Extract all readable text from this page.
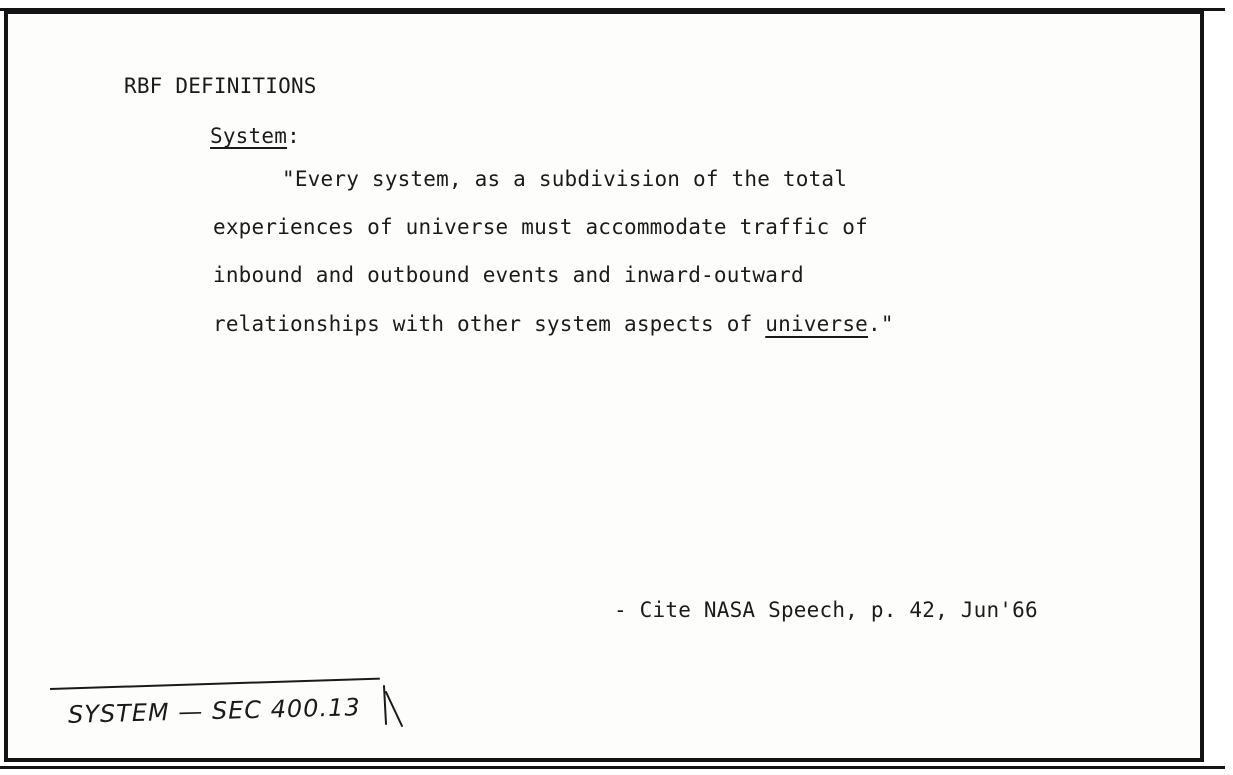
RBF DEFINITIONS
System:
"Every system, as a subdivision of the total
experiences of universe must accommodate traffic of
inbound and outbound events and inward-outward
relationships with other system aspects of universe."
- Cite NASA Speech, p. 42, Jun'66
SYSTEM — SEC 400.13
